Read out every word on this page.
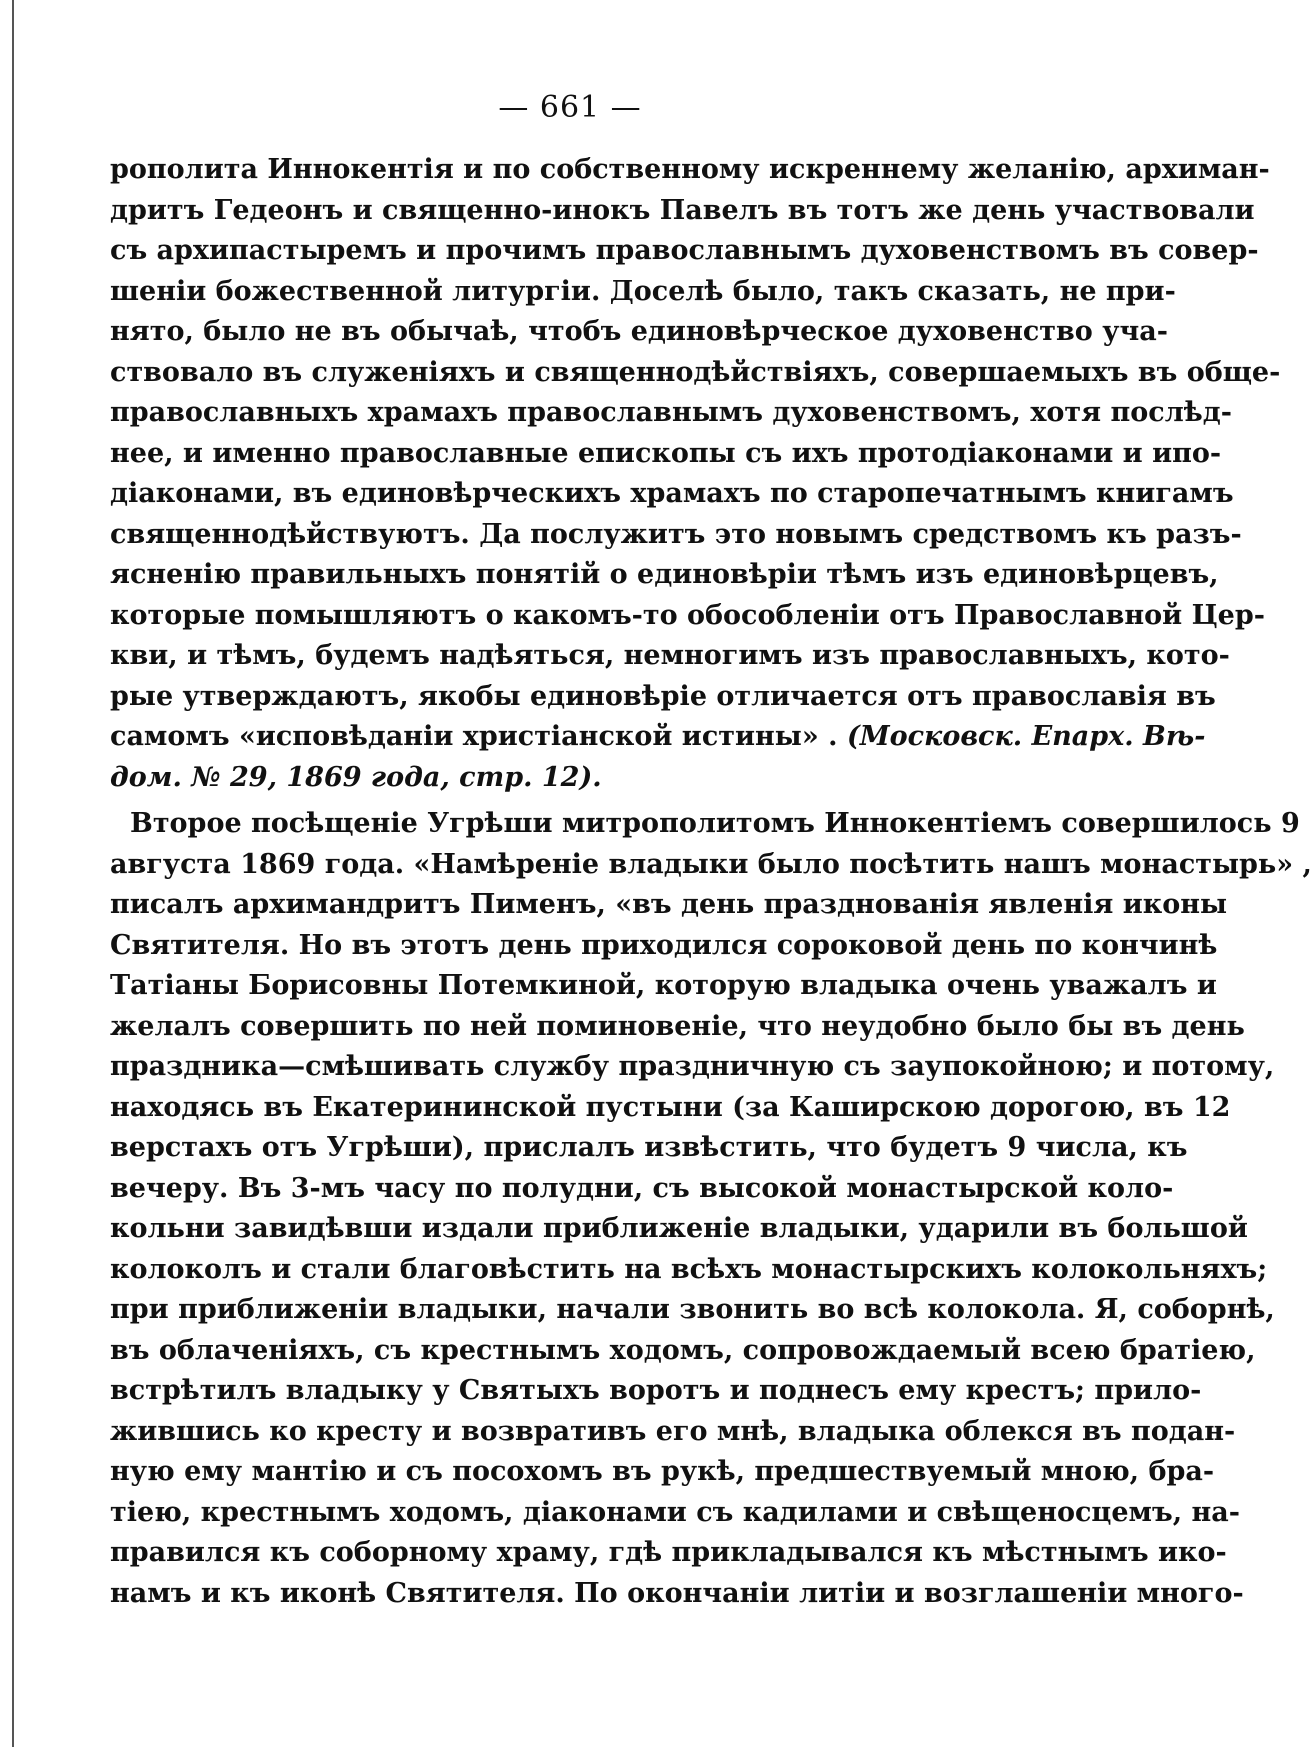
— 661 —
рополита Иннокентія и по собственному искреннему желанію, архиман-
дритъ Гедеонъ и священно-инокъ Павелъ въ тотъ же день участвовали
съ архипастыремъ и прочимъ православнымъ духовенствомъ въ совер-
шеніи божественной литургіи. Доселѣ было, такъ сказать, не при-
нято, было не въ обычаѣ, чтобъ единовѣрческое духовенство уча-
ствовало въ служеніяхъ и священнодѣйствіяхъ, совершаемыхъ въ обще-
православныхъ храмахъ православнымъ духовенствомъ, хотя послѣд-
нее, и именно православные епископы съ ихъ протодіаконами и ипо-
діаконами, въ единовѣрческихъ храмахъ по старопечатнымъ книгамъ
священнодѣйствуютъ. Да послужитъ это новымъ средствомъ къ разъ-
ясненію правильныхъ понятій о единовѣріи тѣмъ изъ единовѣрцевъ,
которые помышляютъ о какомъ-то обособленіи отъ Православной Цер-
кви, и тѣмъ, будемъ надѣяться, немногимъ изъ православныхъ, кото-
рые утверждаютъ, якобы единовѣріе отличается отъ православія въ
самомъ «исповѣданіи христіанской истины» . (Московск. Епарх. Вѣ-
дом. № 29, 1869 года, стр. 12).
Второе посѣщеніе Угрѣши митрополитомъ Иннокентіемъ совершилось 9
августа 1869 года. «Намѣреніе владыки было посѣтить нашъ монастырь» ,
писалъ архимандритъ Пименъ, «въ день празднованія явленія иконы
Святителя. Но въ этотъ день приходился сороковой день по кончинѣ
Татіаны Борисовны Потемкиной, которую владыка очень уважалъ и
желалъ совершить по ней поминовеніе, что неудобно было бы въ день
праздника—смѣшивать службу праздничную съ заупокойною; и потому,
находясь въ Екатерининской пустыни (за Каширскою дорогою, въ 12
верстахъ отъ Угрѣши), прислалъ извѣстить, что будетъ 9 числа, къ
вечеру. Въ 3-мъ часу по полудни, съ высокой монастырской коло-
кольни завидѣвши издали приближеніе владыки, ударили въ большой
колоколъ и стали благовѣстить на всѣхъ монастырскихъ колокольняхъ;
при приближеніи владыки, начали звонить во всѣ колокола. Я, соборнѣ,
въ облаченіяхъ, съ крестнымъ ходомъ, сопровождаемый всею братіею,
встрѣтилъ владыку у Святыхъ воротъ и поднесъ ему крестъ; прило-
жившись ко кресту и возвративъ его мнѣ, владыка облекся въ подан-
ную ему мантію и съ посохомъ въ рукѣ, предшествуемый мною, бра-
тіею, крестнымъ ходомъ, діаконами съ кадилами и свѣщеносцемъ, на-
правился къ соборному храму, гдѣ прикладывался къ мѣстнымъ ико-
намъ и къ иконѣ Святителя. По окончаніи литіи и возглашеніи много-
